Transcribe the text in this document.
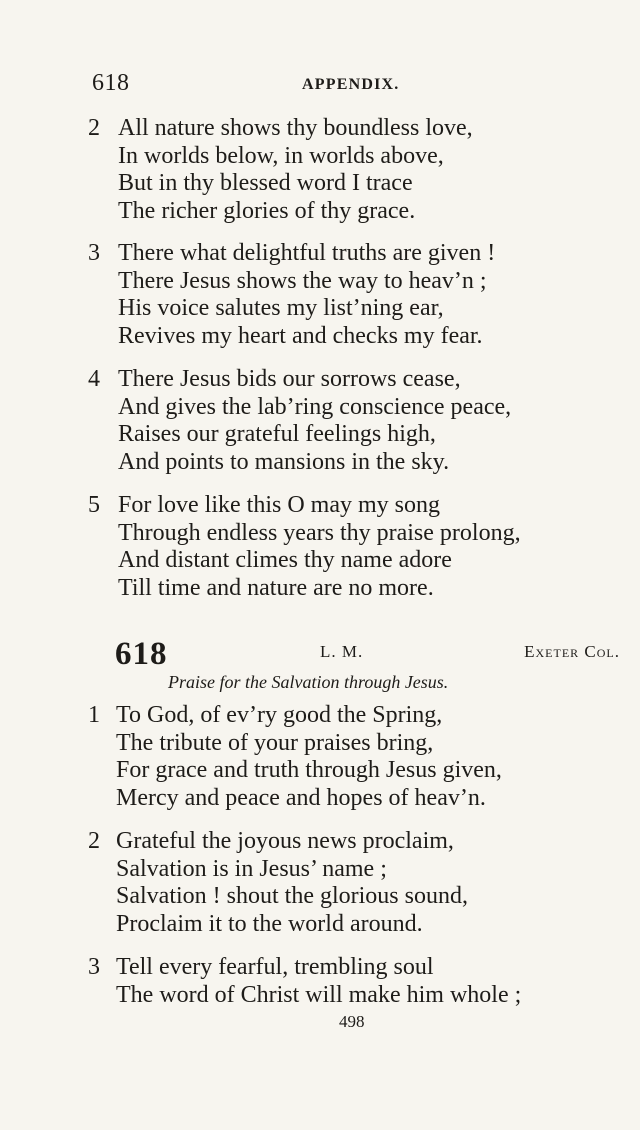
618	APPENDIX.
2 All nature shows thy boundless love,
In worlds below, in worlds above,
But in thy blessed word I trace
The richer glories of thy grace.
3 There what delightful truths are given !
There Jesus shows the way to heav’n ;
His voice salutes my list’ning ear,
Revives my heart and checks my fear.
4 There Jesus bids our sorrows cease,
And gives the lab’ring conscience peace,
Raises our grateful feelings high,
And points to mansions in the sky.
5 For love like this O may my song
Through endless years thy praise prolong,
And distant climes thy name adore
Till time and nature are no more.
618	L. M.	Exeter Col.
Praise for the Salvation through Jesus.
1 To God, of ev’ry good the Spring,
The tribute of your praises bring,
For grace and truth through Jesus given,
Mercy and peace and hopes of heav’n.
2 Grateful the joyous news proclaim,
Salvation is in Jesus’ name ;
Salvation ! shout the glorious sound,
Proclaim it to the world around.
3 Tell every fearful, trembling soul
The word of Christ will make him whole ;
498
